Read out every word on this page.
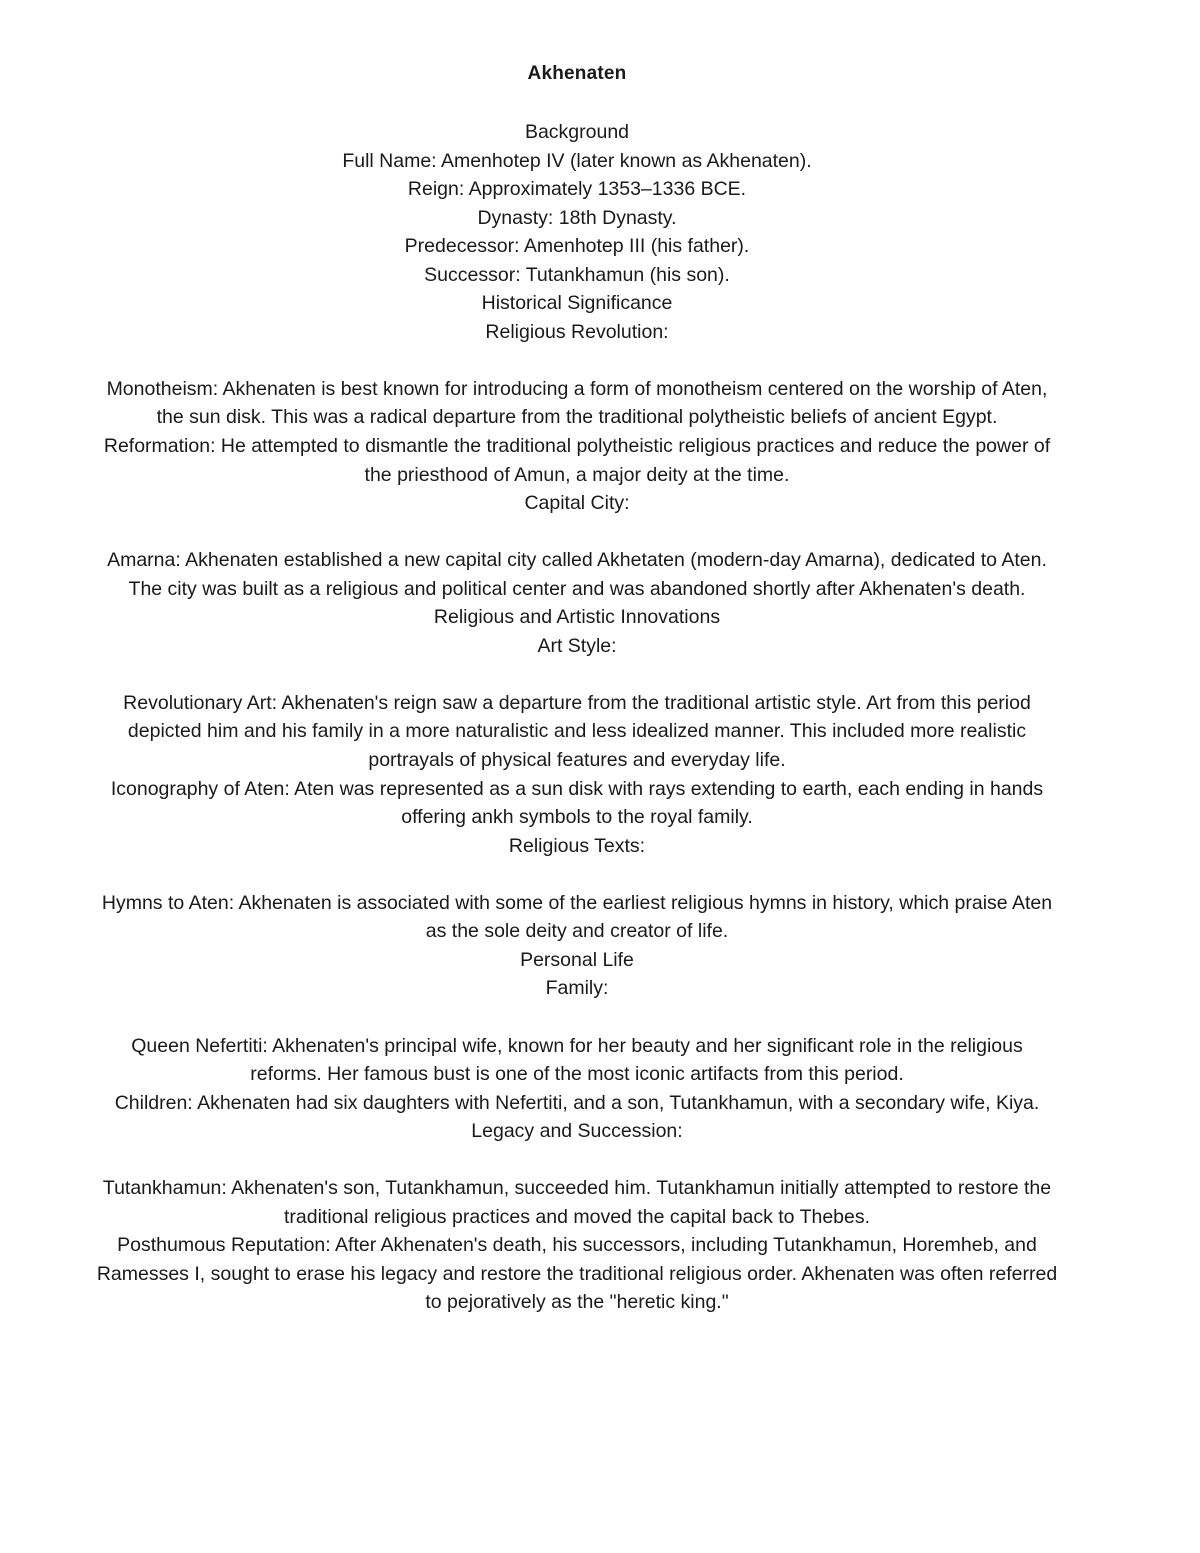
Akhenaten

Background

Full Name: Amenhotep IV (later known as Akhenaten).

Reign: Approximately 1353–1336 BCE.

Dynasty: 18th Dynasty.

Predecessor: Amenhotep III (his father).

Successor: Tutankhamun (his son).

Historical Significance

Religious Revolution:

Monotheism: Akhenaten is best known for introducing a form of monotheism centered on the worship of Aten, the sun disk. This was a radical departure from the traditional polytheistic beliefs of ancient Egypt.

Reformation: He attempted to dismantle the traditional polytheistic religious practices and reduce the power of the priesthood of Amun, a major deity at the time.

Capital City:

Amarna: Akhenaten established a new capital city called Akhetaten (modern-day Amarna), dedicated to Aten. The city was built as a religious and political center and was abandoned shortly after Akhenaten's death.

Religious and Artistic Innovations

Art Style:

Revolutionary Art: Akhenaten's reign saw a departure from the traditional artistic style. Art from this period depicted him and his family in a more naturalistic and less idealized manner. This included more realistic portrayals of physical features and everyday life.

Iconography of Aten: Aten was represented as a sun disk with rays extending to earth, each ending in hands offering ankh symbols to the royal family.

Religious Texts:

Hymns to Aten: Akhenaten is associated with some of the earliest religious hymns in history, which praise Aten as the sole deity and creator of life.

Personal Life

Family:

Queen Nefertiti: Akhenaten's principal wife, known for her beauty and her significant role in the religious reforms. Her famous bust is one of the most iconic artifacts from this period.

Children: Akhenaten had six daughters with Nefertiti, and a son, Tutankhamun, with a secondary wife, Kiya.

Legacy and Succession:

Tutankhamun: Akhenaten's son, Tutankhamun, succeeded him. Tutankhamun initially attempted to restore the traditional religious practices and moved the capital back to Thebes.

Posthumous Reputation: After Akhenaten's death, his successors, including Tutankhamun, Horemheb, and Ramesses I, sought to erase his legacy and restore the traditional religious order. Akhenaten was often referred to pejoratively as the "heretic king."
